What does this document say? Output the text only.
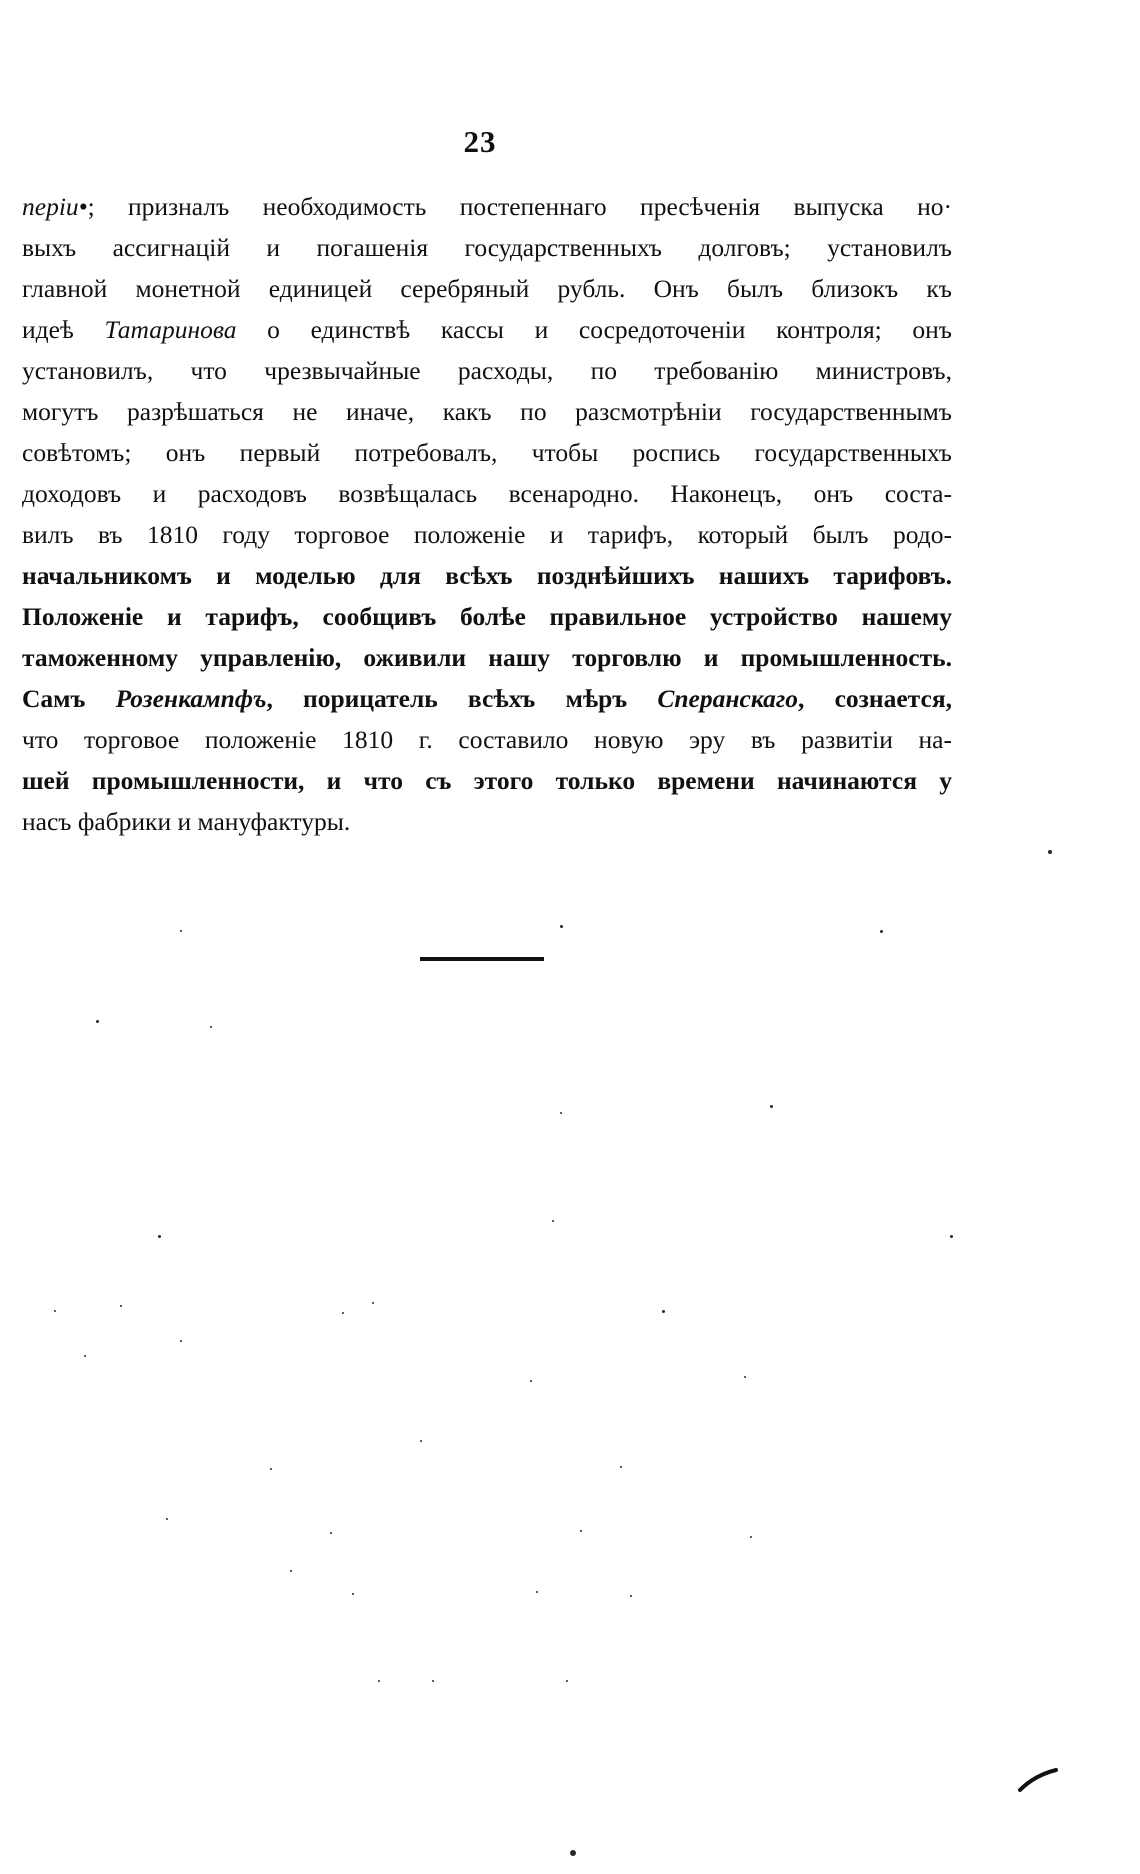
23
періи•; призналъ необходимость постепеннаго пресѣченія выпуска но·
выхъ ассигнацій и погашенія государственныхъ долговъ; установилъ
главной монетной единицей серебряный рубль. Онъ былъ близокъ къ
идеѣ Татаринова о единствѣ кассы и сосредоточеніи контроля; онъ
установилъ, что чрезвычайные расходы, по требованію министровъ,
могутъ разрѣшаться не иначе, какъ по разсмотрѣніи государственнымъ
совѣтомъ; онъ первый потребовалъ, чтобы роспись государственныхъ
доходовъ и расходовъ возвѣщалась всенародно. Наконецъ, онъ соста-
вилъ въ 1810 году торговое положеніе и тарифъ, который былъ родо-
начальникомъ и моделью для всѣхъ позднѣйшихъ нашихъ тарифовъ.
Положеніе и тарифъ, сообщивъ болѣе правильное устройство нашему
таможенному управленію, оживили нашу торговлю и промышленность.
Самъ Розенкампфъ, порицатель всѣхъ мѣръ Сперанскаго, сознается,
что торговое положеніе 1810 г. составило новую эру въ развитіи на-
шей промышленности, и что съ этого только времени начинаются у
насъ фабрики и мануфактуры.
